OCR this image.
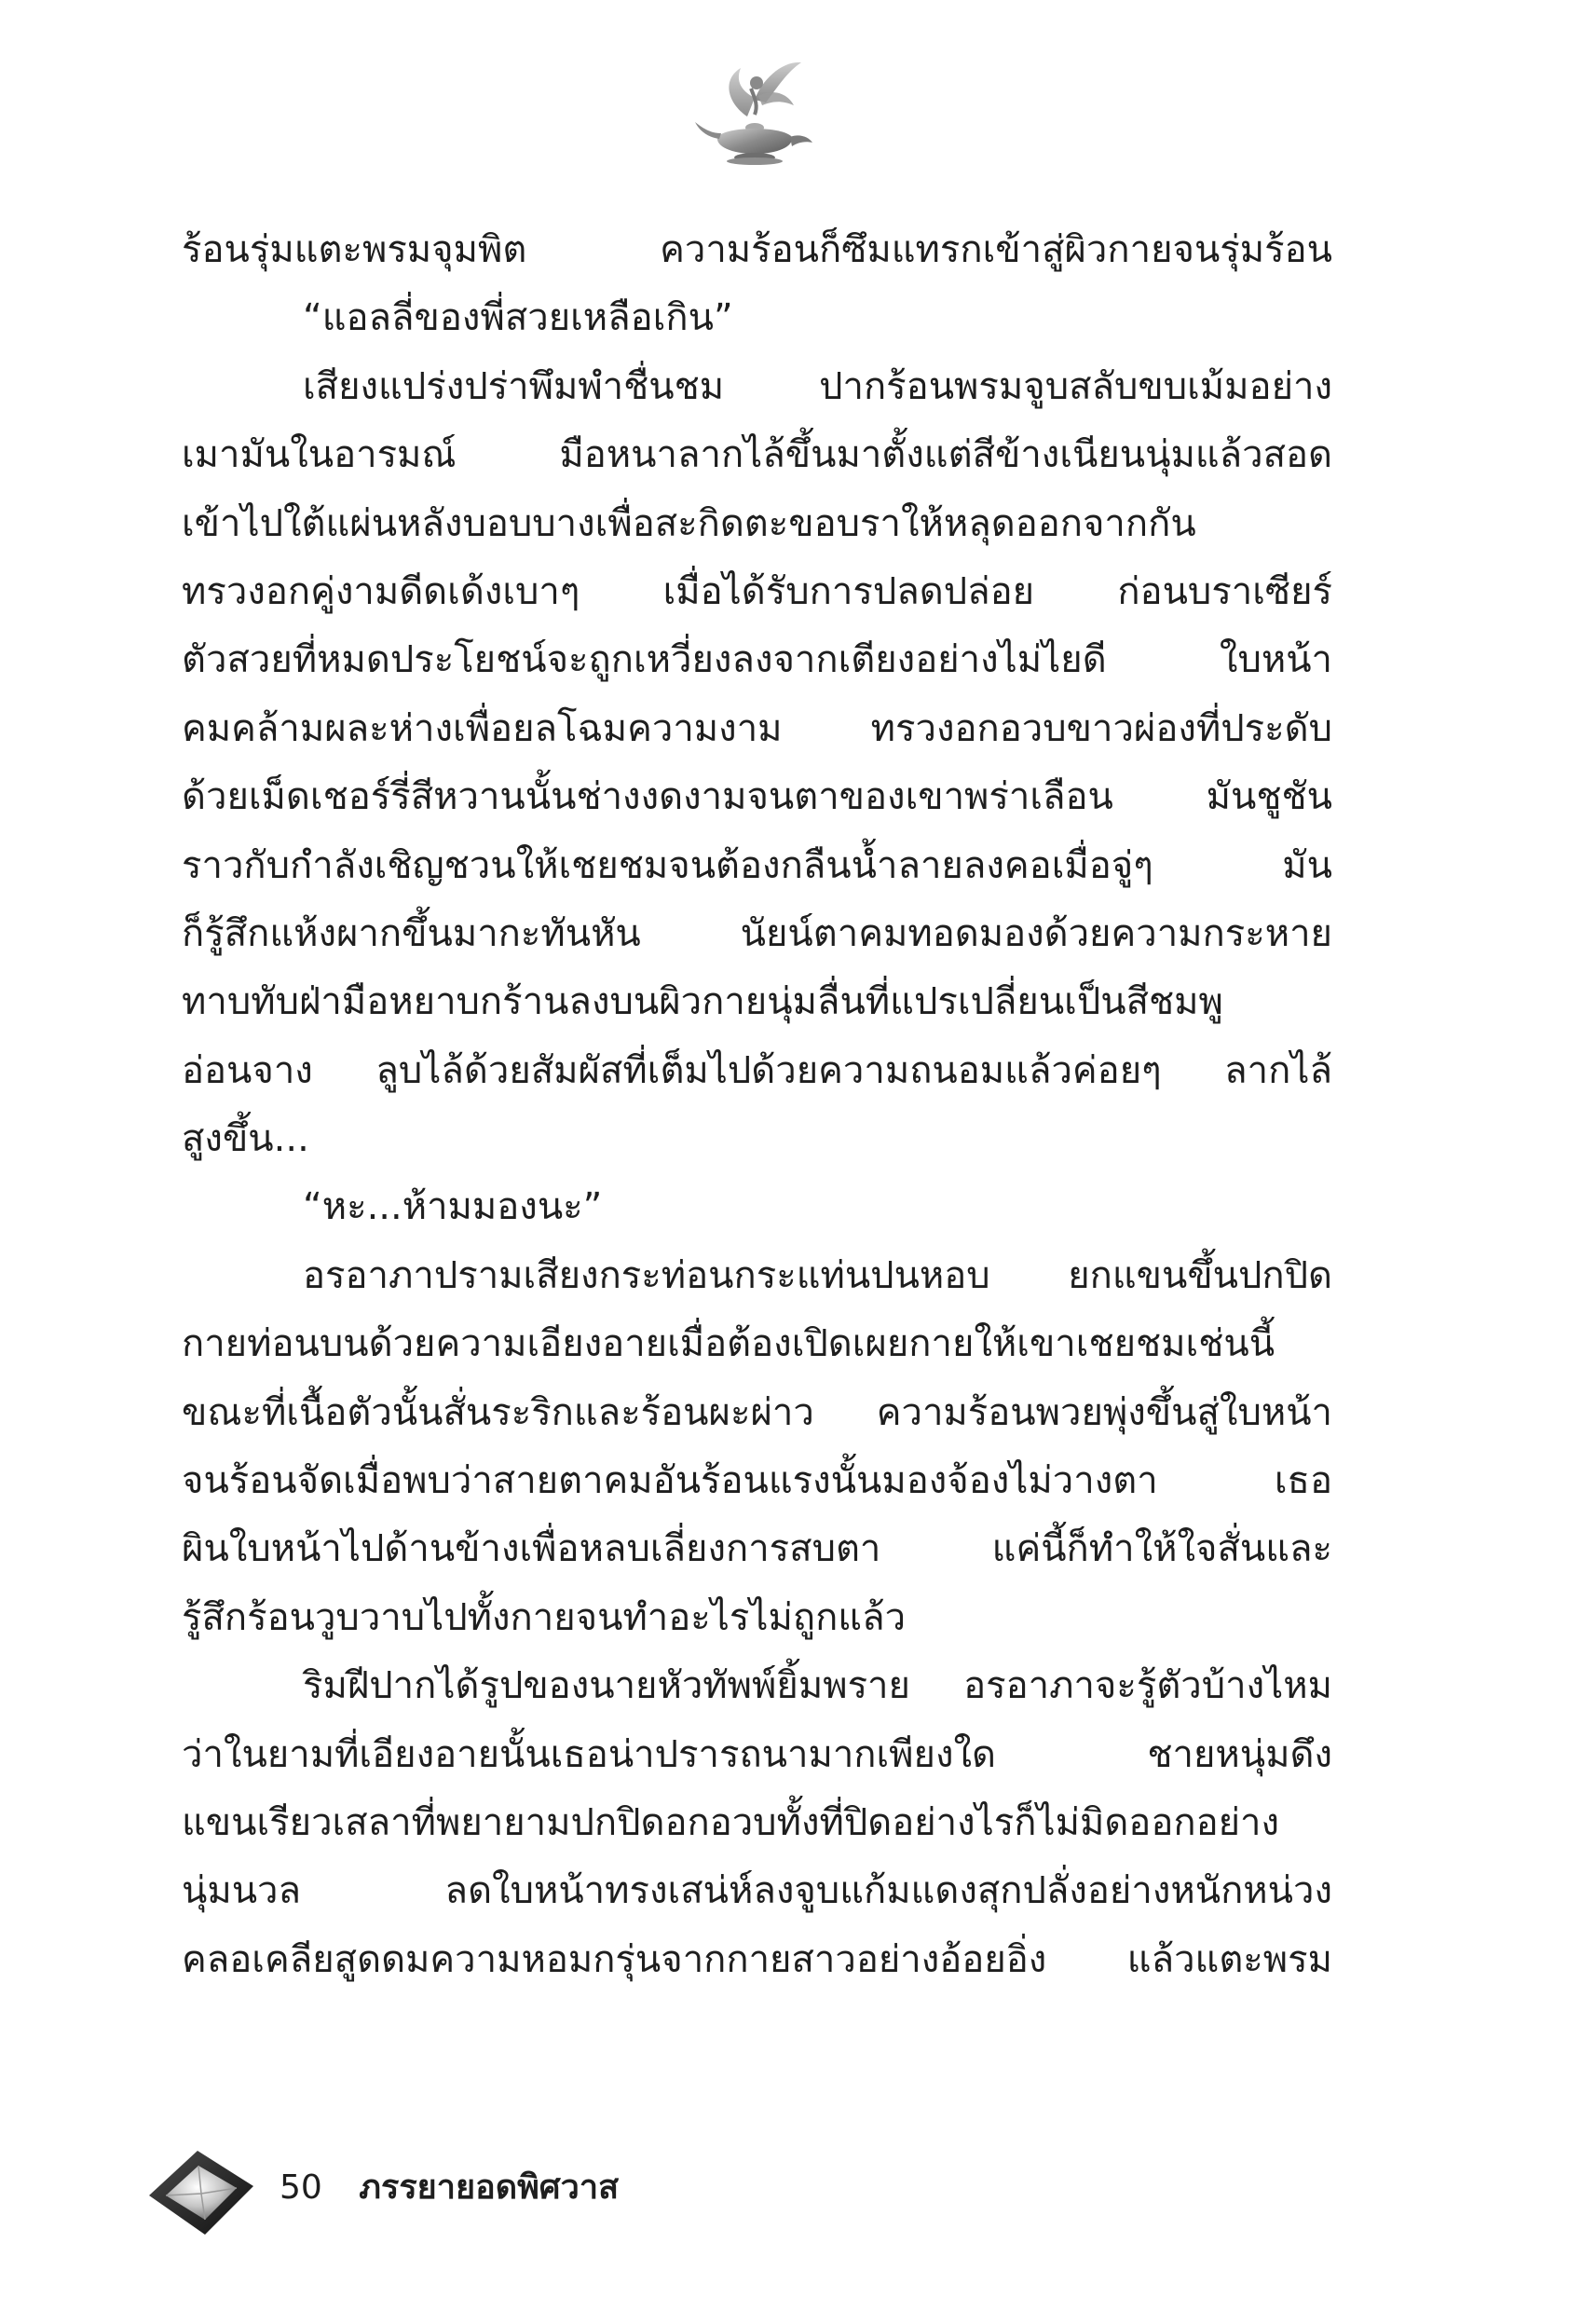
ร้อนรุ่มแตะพรมจุมพิต ความร้อนก็ซึมแทรกเข้าสู่ผิวกายจนรุ่มร้อน
“แอลลี่ของพี่สวยเหลือเกิน”
เสียงแปร่งปร่าพึมพำชื่นชม ปากร้อนพรมจูบสลับขบเม้มอย่าง
เมามันในอารมณ์ มือหนาลากไล้ขึ้นมาตั้งแต่สีข้างเนียนนุ่มแล้วสอด
เข้าไปใต้แผ่นหลังบอบบางเพื่อสะกิดตะขอบราให้หลุดออกจากกัน
ทรวงอกคู่งามดีดเด้งเบาๆ เมื่อได้รับการปลดปล่อย ก่อนบราเซียร์
ตัวสวยที่หมดประโยชน์จะถูกเหวี่ยงลงจากเตียงอย่างไม่ไยดี ใบหน้า
คมคล้ามผละห่างเพื่อยลโฉมความงาม ทรวงอกอวบขาวผ่องที่ประดับ
ด้วยเม็ดเชอร์รี่สีหวานนั้นช่างงดงามจนตาของเขาพร่าเลือน มันชูชัน
ราวกับกำลังเชิญชวนให้เชยชมจนต้องกลืนน้ำลายลงคอเมื่อจู่ๆ มัน
ก็รู้สึกแห้งผากขึ้นมากะทันหัน นัยน์ตาคมทอดมองด้วยความกระหาย
ทาบทับฝ่ามือหยาบกร้านลงบนผิวกายนุ่มลื่นที่แปรเปลี่ยนเป็นสีชมพู
อ่อนจาง ลูบไล้ด้วยสัมผัสที่เต็มไปด้วยความถนอมแล้วค่อยๆ ลากไล้
สูงขึ้น...
“หะ...ห้ามมองนะ”
อรอาภาปรามเสียงกระท่อนกระแท่นปนหอบ ยกแขนขึ้นปกปิด
กายท่อนบนด้วยความเอียงอายเมื่อต้องเปิดเผยกายให้เขาเชยชมเช่นนี้
ขณะที่เนื้อตัวนั้นสั่นระริกและร้อนผะผ่าว ความร้อนพวยพุ่งขึ้นสู่ใบหน้า
จนร้อนจัดเมื่อพบว่าสายตาคมอันร้อนแรงนั้นมองจ้องไม่วางตา เธอ
ผินใบหน้าไปด้านข้างเพื่อหลบเลี่ยงการสบตา แค่นี้ก็ทำให้ใจสั่นและ
รู้สึกร้อนวูบวาบไปทั้งกายจนทำอะไรไม่ถูกแล้ว
ริมฝีปากได้รูปของนายหัวทัพพ์ยิ้มพราย อรอาภาจะรู้ตัวบ้างไหม
ว่าในยามที่เอียงอายนั้นเธอน่าปรารถนามากเพียงใด ชายหนุ่มดึง
แขนเรียวเสลาที่พยายามปกปิดอกอวบทั้งที่ปิดอย่างไรก็ไม่มิดออกอย่าง
นุ่มนวล ลดใบหน้าทรงเสน่ห์ลงจูบแก้มแดงสุกปลั่งอย่างหนักหน่วง
คลอเคลียสูดดมความหอมกรุ่นจากกายสาวอย่างอ้อยอิ่ง แล้วแตะพรม
50 ภรรยายอดพิศวาส
